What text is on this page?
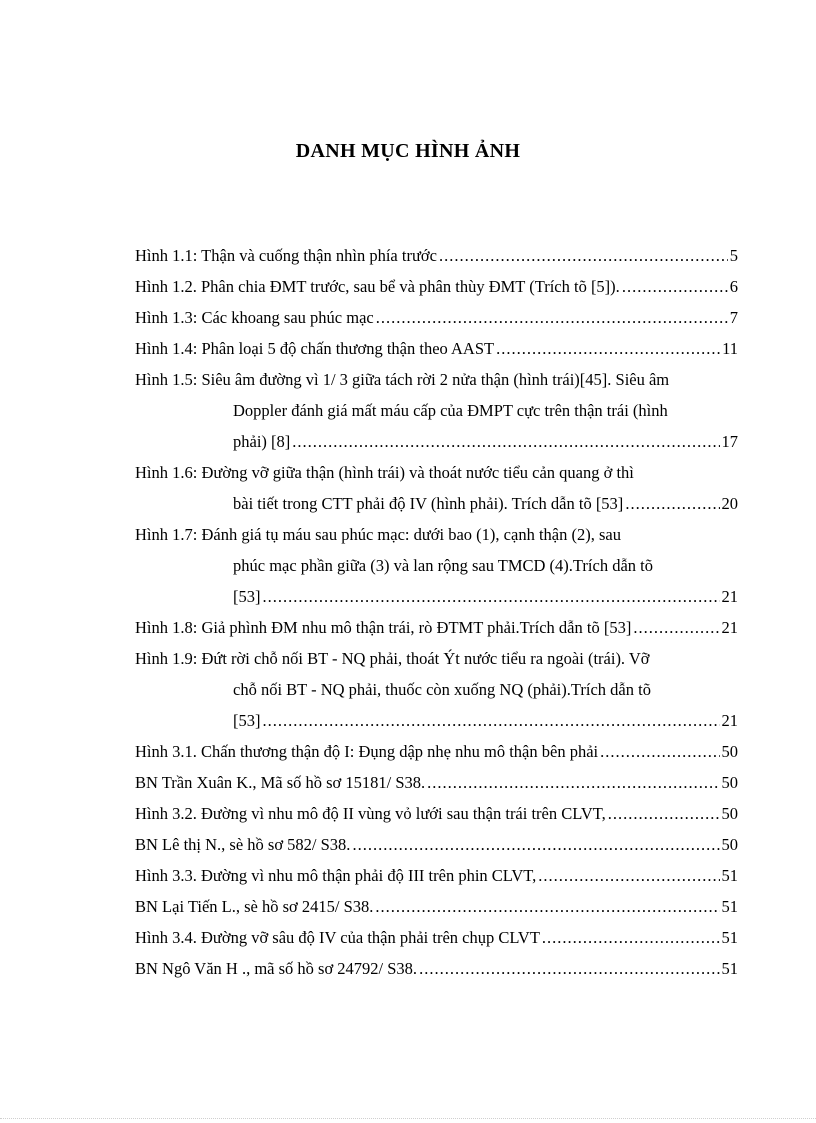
DANH MỤC HÌNH ẢNH
Hình 1.1: Thận và cuống thận nhìn phía trước .....	5
Hình 1.2. Phân chia ĐMT trước, sau bể và phân thùy ĐMT (Trích tõ [5]). .....	6
Hình 1.3: Các khoang sau phúc mạc .....	7
Hình 1.4: Phân loại 5 độ chấn thương thận theo AAST .....	11
Hình 1.5: Siêu âm đường vì 1/ 3 giữa tách rời 2 nửa thận (hình trái)[45]. Siêu âm
Doppler đánh giá mất máu cấp của ĐMPT cực trên thận trái (hình
phải) [8] .....	17
Hình 1.6: Đường vỡ giữa thận (hình trái) và thoát nước tiểu cản quang ở thì
bài tiết trong CTT phải độ IV (hình phải). Trích dẫn tõ [53] .....	20
Hình 1.7: Đánh giá tụ máu sau phúc mạc: dưới bao (1), cạnh thận (2), sau
phúc mạc phần giữa (3) và lan rộng sau TMCD (4).Trích dẫn tõ
[53] .....	21
Hình 1.8: Giả phình ĐM nhu mô thận trái, rò ĐTMT phải.Trích dẫn tõ [53] .....	21
Hình 1.9: Đứt rời chỗ nối BT - NQ phải, thoát Ýt nước tiểu ra ngoài (trái). Vỡ
chỗ nối BT - NQ phải, thuốc còn xuống NQ (phải).Trích dẫn tõ
[53] .....	21
Hình 3.1. Chấn thương thận độ I: Đụng dập nhẹ nhu mô thận bên phải .....	50
BN Trần Xuân K., Mã số hồ sơ 15181/ S38. .....	50
Hình 3.2. Đường vì nhu mô độ II vùng vỏ lưới sau thận trái trên CLVT, .....	50
BN Lê thị N., sè hồ sơ 582/ S38. .....	50
Hình 3.3. Đường vì nhu mô thận phải độ III trên phin CLVT, .....	51
BN Lại Tiến L., sè hồ sơ 2415/ S38. .....	51
Hình 3.4. Đường vỡ sâu độ IV của thận phải trên chụp CLVT .....	51
BN Ngô Văn H ., mã số hồ sơ 24792/ S38. .....	51
